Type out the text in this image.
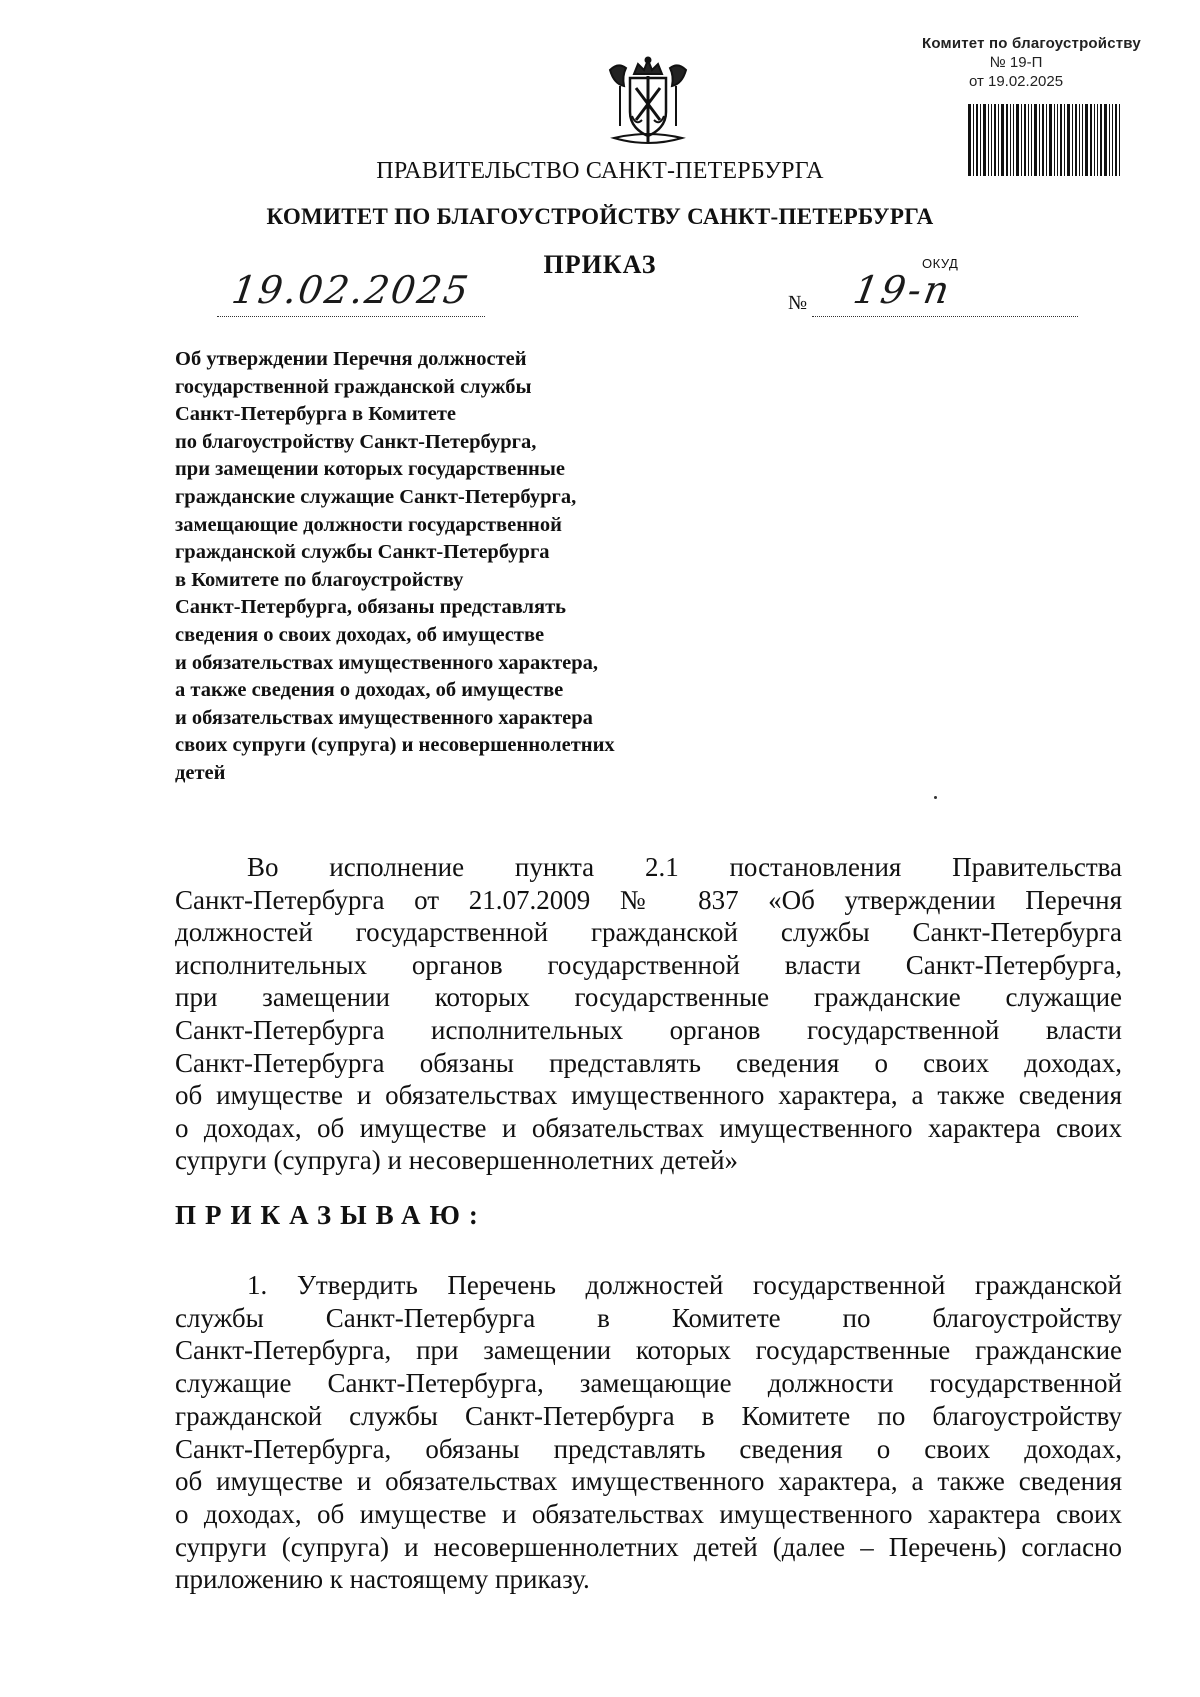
Комитет по благоустройству
№ 19-П
от 19.02.2025
ПРАВИТЕЛЬСТВО САНКТ-ПЕТЕРБУРГА
КОМИТЕТ ПО БЛАГОУСТРОЙСТВУ САНКТ-ПЕТЕРБУРГА
ПРИКАЗ	ОКУД
19.02.2025	№ 19-п
Об утверждении Перечня должностей
государственной гражданской службы
Санкт-Петербурга в Комитете
по благоустройству Санкт-Петербурга,
при замещении которых государственные
гражданские служащие Санкт-Петербурга,
замещающие должности государственной
гражданской службы Санкт-Петербурга
в Комитете по благоустройству
Санкт-Петербурга, обязаны представлять
сведения о своих доходах, об имуществе
и обязательствах имущественного характера,
а также сведения о доходах, об имуществе
и обязательствах имущественного характера
своих супруги (супруга) и несовершеннолетних
детей
Во исполнение пункта 2.1 постановления Правительства
Санкт-Петербурга от 21.07.2009 № 837 «Об утверждении Перечня
должностей государственной гражданской службы Санкт-Петербурга
исполнительных органов государственной власти Санкт-Петербурга,
при замещении которых государственные гражданские служащие
Санкт-Петербурга исполнительных органов государственной власти
Санкт-Петербурга обязаны представлять сведения о своих доходах,
об имуществе и обязательствах имущественного характера, а также сведения
о доходах, об имуществе и обязательствах имущественного характера своих
супруги (супруга) и несовершеннолетних детей»
ПРИКАЗЫВАЮ:
1. Утвердить Перечень должностей государственной гражданской
службы Санкт-Петербурга в Комитете по благоустройству
Санкт-Петербурга, при замещении которых государственные гражданские
служащие Санкт-Петербурга, замещающие должности государственной
гражданской службы Санкт-Петербурга в Комитете по благоустройству
Санкт-Петербурга, обязаны представлять сведения о своих доходах,
об имуществе и обязательствах имущественного характера, а также сведения
о доходах, об имуществе и обязательствах имущественного характера своих
супруги (супруга) и несовершеннолетних детей (далее – Перечень) согласно
приложению к настоящему приказу.
